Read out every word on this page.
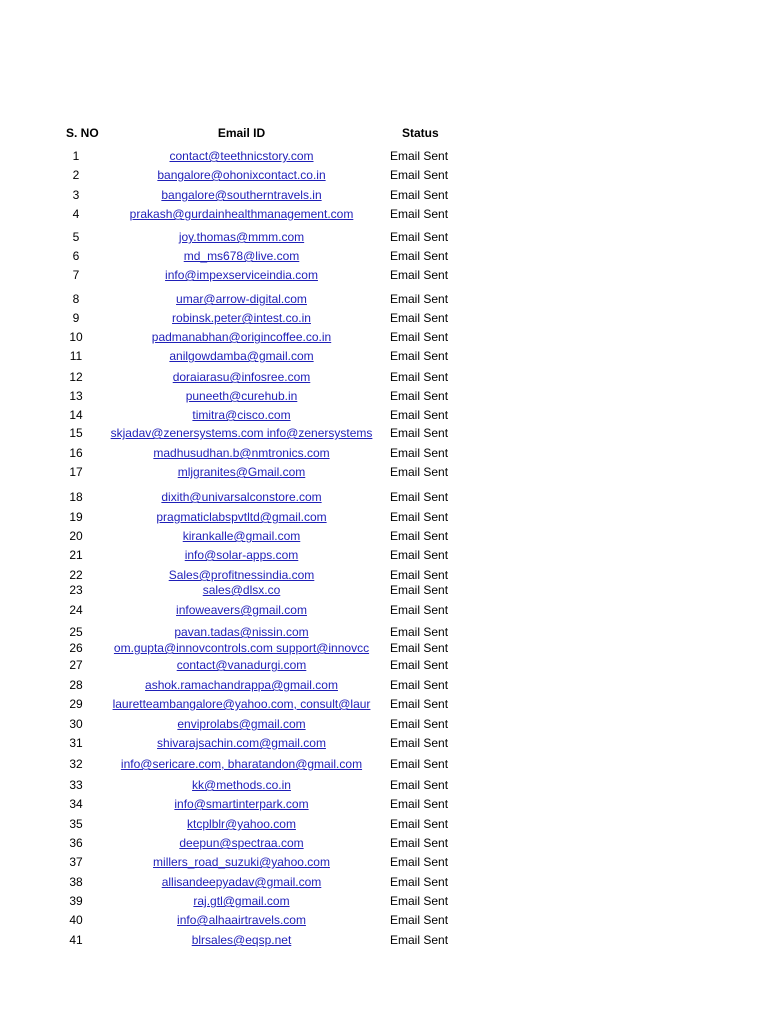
S. NO	Email ID	Status
1	contact@teethnicstory.com	Email Sent
2	bangalore@ohonixcontact.co.in	Email Sent
3	bangalore@southerntravels.in	Email Sent
4	prakash@gurdainhealthmanagement.com	Email Sent
5	joy.thomas@mmm.com	Email Sent
6	md_ms678@live.com	Email Sent
7	info@impexserviceindia.com	Email Sent
8	umar@arrow-digital.com	Email Sent
9	robinsk.peter@intest.co.in	Email Sent
10	padmanabhan@origincoffee.co.in	Email Sent
11	anilgowdamba@gmail.com	Email Sent
12	doraiarasu@infosree.com	Email Sent
13	puneeth@curehub.in	Email Sent
14	timitra@cisco.com	Email Sent
15	skjadav@zenersystems.com info@zenersystems	Email Sent
16	madhusudhan.b@nmtronics.com	Email Sent
17	mljgranites@Gmail.com	Email Sent
18	dixith@univarsalconstore.com	Email Sent
19	pragmaticlabspvtltd@gmail.com	Email Sent
20	kirankalle@gmail.com	Email Sent
21	info@solar-apps.com	Email Sent
22	Sales@profitnessindia.com	Email Sent
23	sales@dlsx.co	Email Sent
24	infoweavers@gmail.com	Email Sent
25	pavan.tadas@nissin.com	Email Sent
26	om.gupta@innovcontrols.com support@innovcc	Email Sent
27	contact@vanadurgi.com	Email Sent
28	ashok.ramachandrappa@gmail.com	Email Sent
29	lauretteambangalore@yahoo.com, consult@laur	Email Sent
30	enviprolabs@gmail.com	Email Sent
31	shivarajsachin.com@gmail.com	Email Sent
32	info@sericare.com, bharatandon@gmail.com	Email Sent
33	kk@methods.co.in	Email Sent
34	info@smartinterpark.com	Email Sent
35	ktcplblr@yahoo.com	Email Sent
36	deepun@spectraa.com	Email Sent
37	millers_road_suzuki@yahoo.com	Email Sent
38	allisandeepyadav@gmail.com	Email Sent
39	raj.gtl@gmail.com	Email Sent
40	info@alhaairtravels.com	Email Sent
41	blrsales@eqsp.net	Email Sent
